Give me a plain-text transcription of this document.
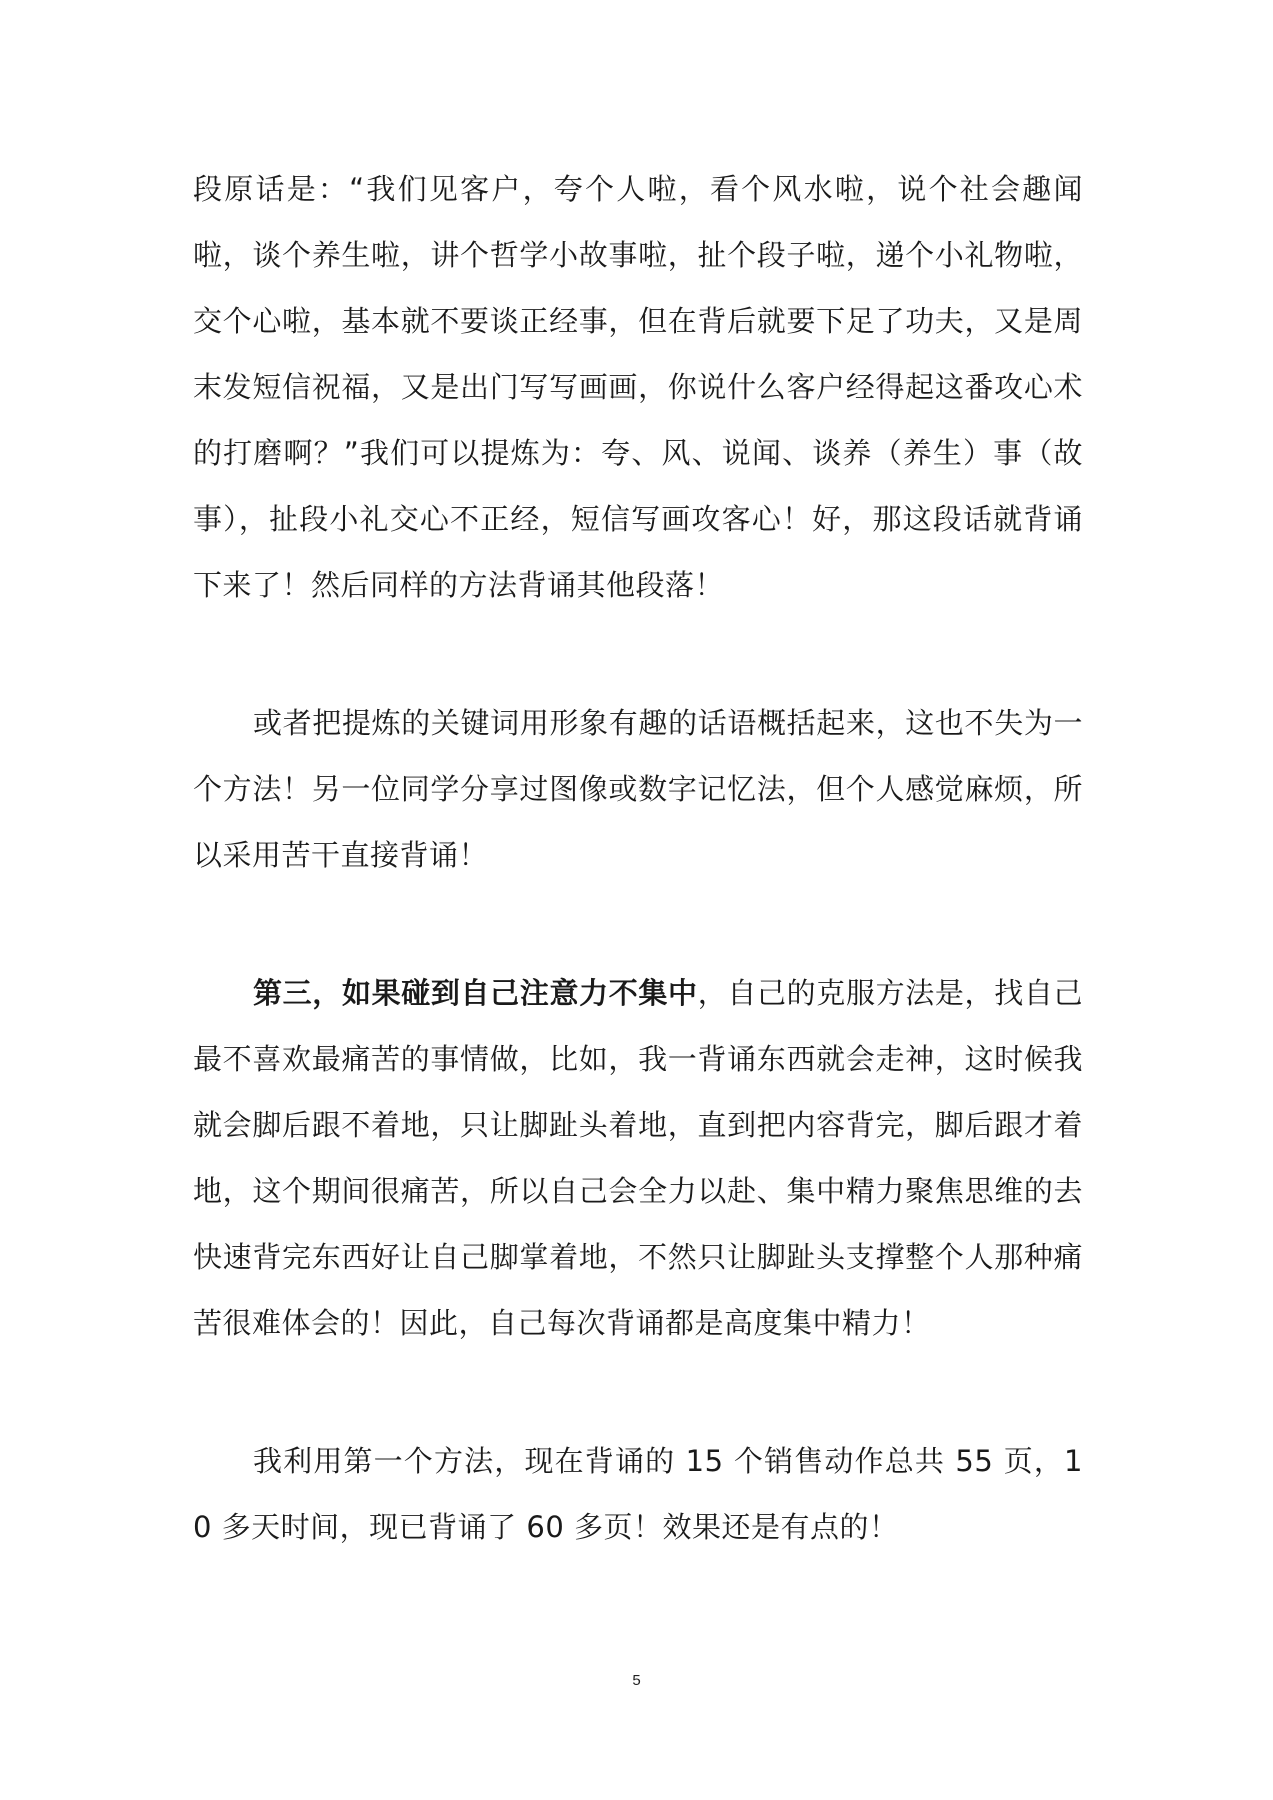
段原话是：“我们见客户，夸个人啦，看个风水啦，说个社会趣闻啦，谈个养生啦，讲个哲学小故事啦，扯个段子啦，递个小礼物啦，交个心啦，基本就不要谈正经事，但在背后就要下足了功夫，又是周末发短信祝福，又是出门写写画画，你说什么客户经得起这番攻心术的打磨啊？”我们可以提炼为：夸、风、说闻、谈养（养生）事（故事），扯段小礼交心不正经，短信写画攻客心！好，那这段话就背诵下来了！然后同样的方法背诵其他段落！

或者把提炼的关键词用形象有趣的话语概括起来，这也不失为一个方法！另一位同学分享过图像或数字记忆法，但个人感觉麻烦，所以采用苦干直接背诵！

第三，如果碰到自己注意力不集中，自己的克服方法是，找自己最不喜欢最痛苦的事情做，比如，我一背诵东西就会走神，这时候我就会脚后跟不着地，只让脚趾头着地，直到把内容背完，脚后跟才着地，这个期间很痛苦，所以自己会全力以赴、集中精力聚焦思维的去快速背完东西好让自己脚掌着地，不然只让脚趾头支撑整个人那种痛苦很难体会的！因此，自己每次背诵都是高度集中精力！

我利用第一个方法，现在背诵的 15 个销售动作总共 55 页，10 多天时间，现已背诵了 60 多页！效果还是有点的！

5
